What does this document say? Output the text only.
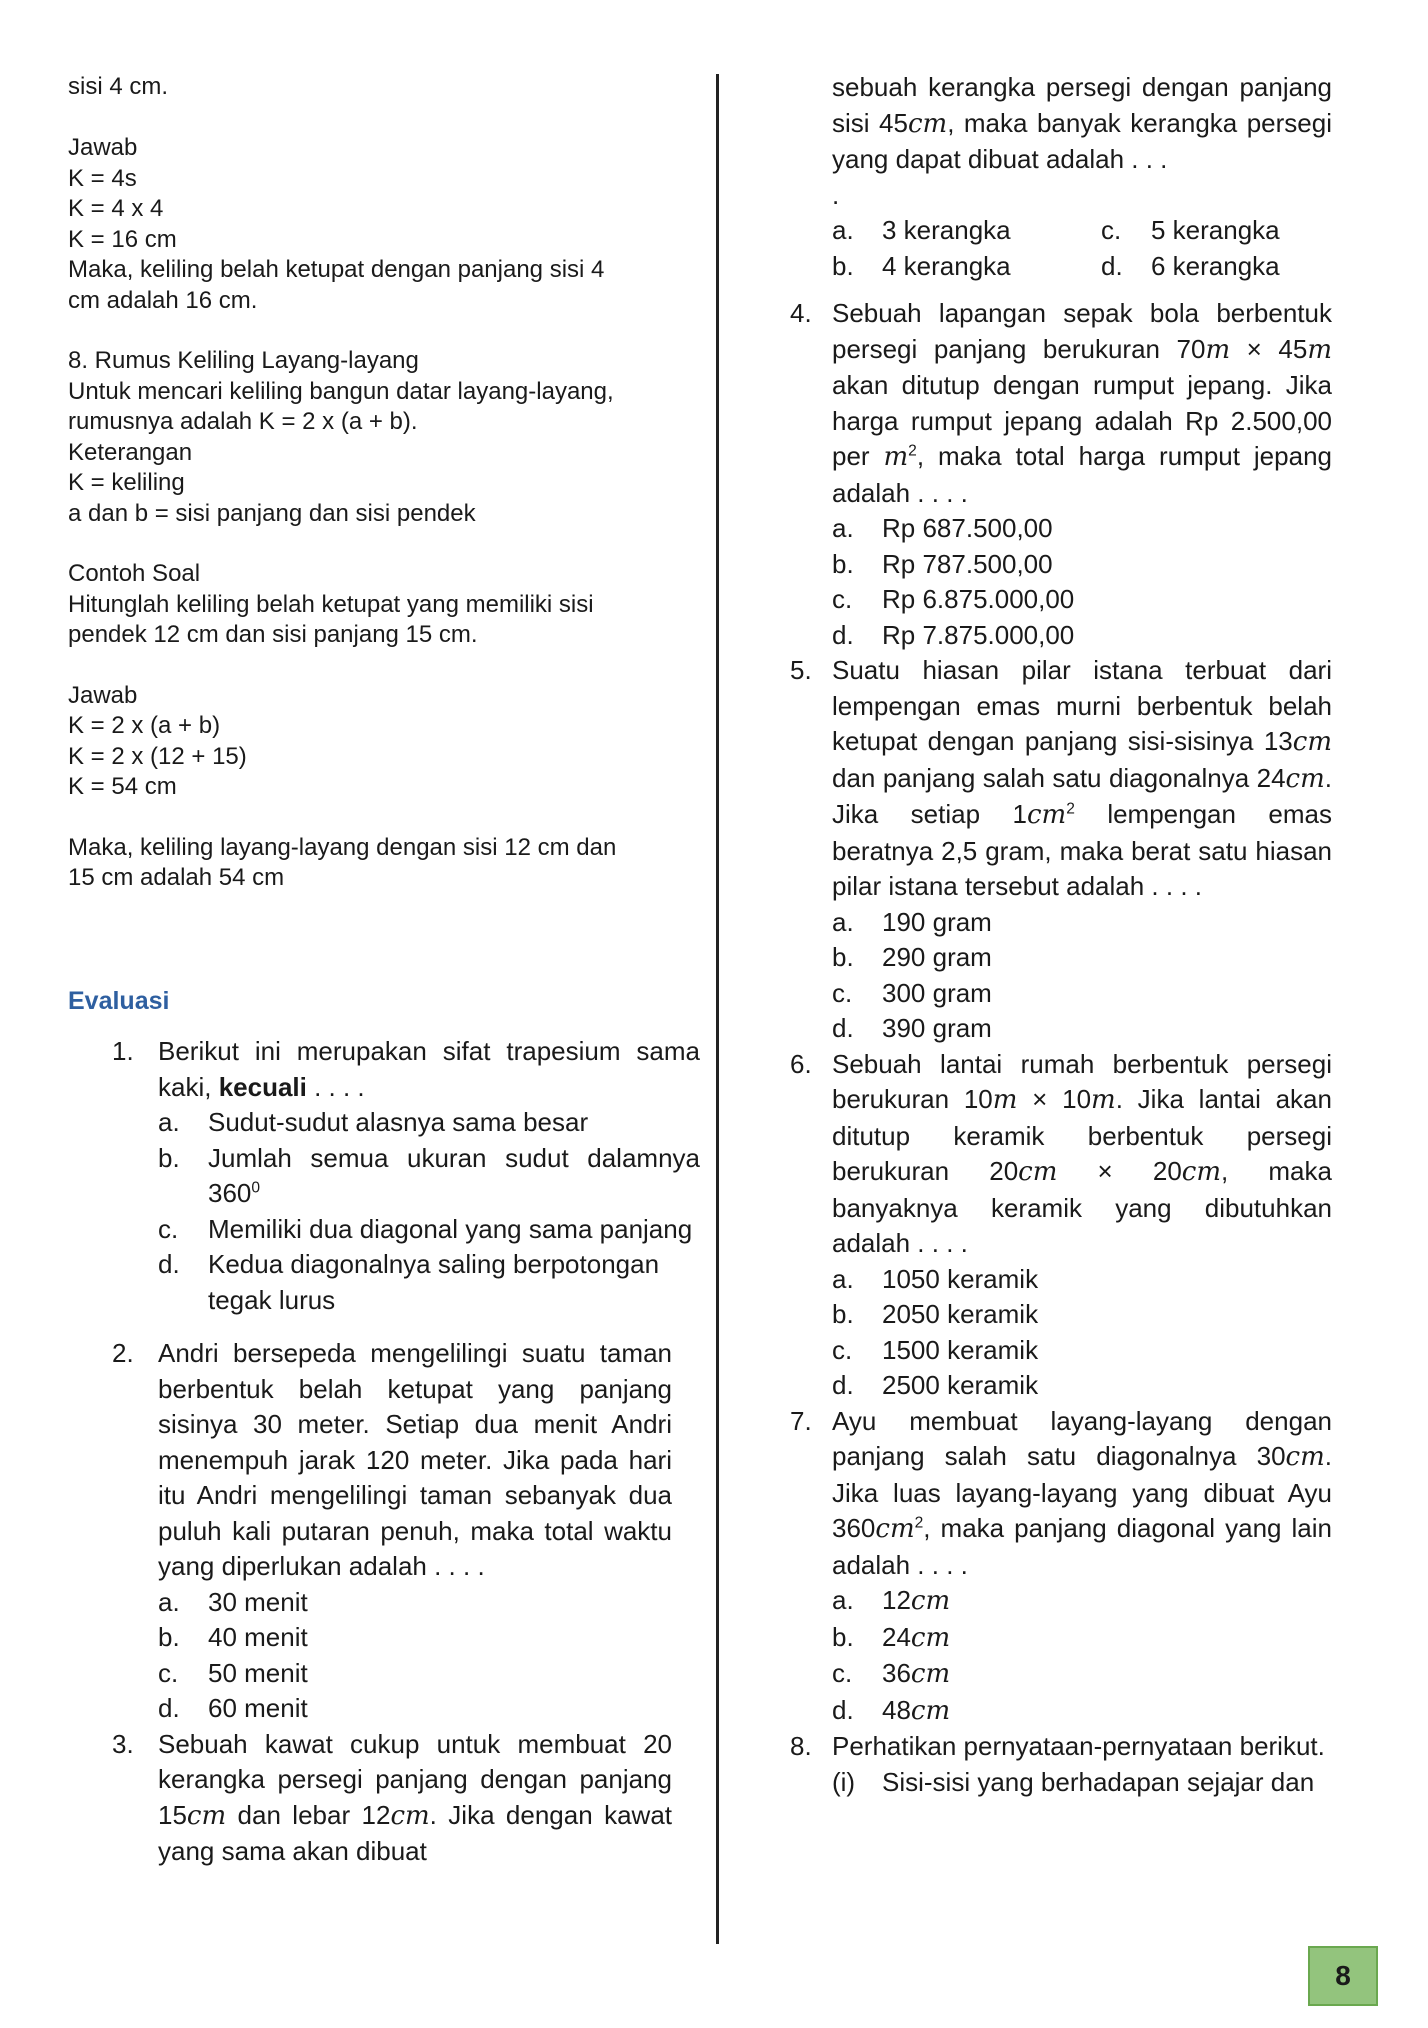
sisi 4 cm.

Jawab

K = 4s

K = 4 x 4

K = 16 cm

Maka, keliling belah ketupat dengan panjang sisi 4

cm adalah 16 cm.

8. Rumus Keliling Layang-layang

Untuk mencari keliling bangun datar layang-layang,

rumusnya adalah K = 2 x (a + b).

Keterangan

K = keliling

a dan b = sisi panjang dan sisi pendek

Contoh Soal

Hitunglah keliling belah ketupat yang memiliki sisi

pendek 12 cm dan sisi panjang 15 cm.

Jawab

K = 2 x (a + b)

K = 2 x (12 + 15)

K = 54 cm

Maka, keliling layang-layang dengan sisi 12 cm dan

15 cm adalah 54 cm

Evaluasi
1. Berikut ini merupakan sifat trapesium sama kaki, kecuali . . . .
a.	Sudut-sudut alasnya sama besar
b.	Jumlah semua ukuran sudut dalamnya $360^0$
c.	Memiliki dua diagonal yang sama panjang
d.	Kedua diagonalnya saling berpotongan tegak lurus
2. Andri bersepeda mengelilingi suatu taman berbentuk belah ketupat yang panjang sisinya 30 meter. Setiap dua menit Andri menempuh jarak 120 meter. Jika pada hari itu Andri mengelilingi taman sebanyak dua puluh kali putaran penuh, maka total waktu yang diperlukan adalah . . . .
a.	30 menit
b.	40 menit
c.	50 menit
d.	60 menit
3. Sebuah kawat cukup untuk membuat 20 kerangka persegi panjang dengan panjang 15cm dan lebar 12cm. Jika dengan kawat yang sama akan dibuat
sebuah kerangka persegi dengan panjang sisi 45cm, maka banyak kerangka persegi yang dapat dibuat adalah . . .
.
a.	3 kerangka	c.	5 kerangka
b.	4 kerangka	d.	6 kerangka
4. Sebuah lapangan sepak bola berbentuk persegi panjang berukuran 70m × 45m akan ditutup dengan rumput jepang. Jika harga rumput jepang adalah Rp 2.500,00 per $m^2$, maka total harga rumput jepang adalah . . . .
a.	Rp 687.500,00
b.	Rp 787.500,00
c.	Rp 6.875.000,00
d.	Rp 7.875.000,00
5. Suatu hiasan pilar istana terbuat dari lempengan emas murni berbentuk belah ketupat dengan panjang sisi-sisinya 13cm dan panjang salah satu diagonalnya 24cm. Jika setiap $1cm^2$ lempengan emas beratnya 2,5 gram, maka berat satu hiasan pilar istana tersebut adalah . . . .
a.	190 gram
b.	290 gram
c.	300 gram
d.	390 gram
6. Sebuah lantai rumah berbentuk persegi berukuran 10m × 10m. Jika lantai akan ditutup keramik berbentuk persegi berukuran 20cm × 20cm, maka banyaknya keramik yang dibutuhkan adalah . . . .
a.	1050 keramik
b.	2050 keramik
c.	1500 keramik
d.	2500 keramik
7. Ayu membuat layang-layang dengan panjang salah satu diagonalnya 30cm. Jika luas layang-layang yang dibuat Ayu $360cm^2$, maka panjang diagonal yang lain adalah . . . .
a.	12cm
b.	24cm
c.	36cm
d.	48cm
8. Perhatikan pernyataan-pernyataan berikut.
(i)	Sisi-sisi yang berhadapan sejajar dan
8
